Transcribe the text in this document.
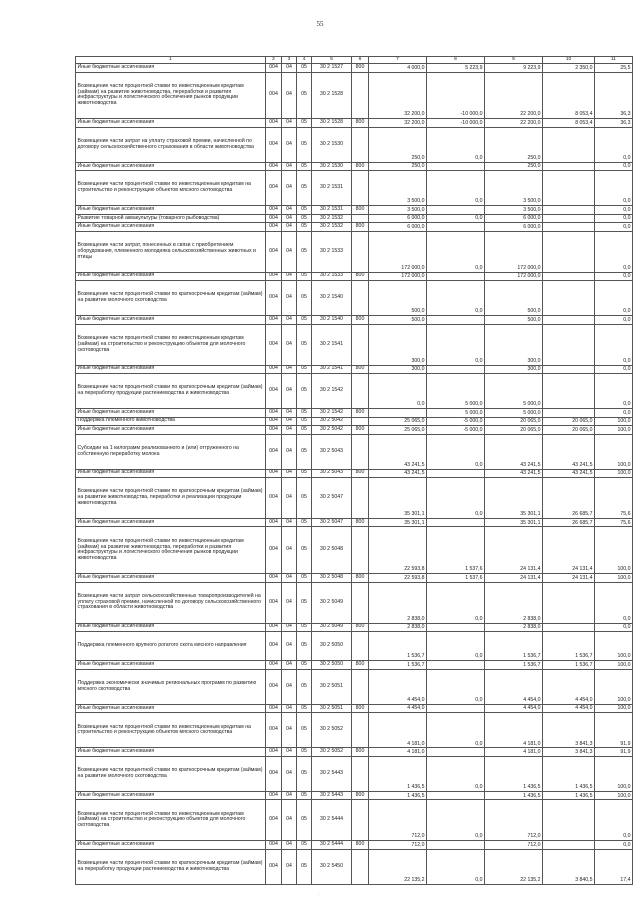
55
1	2	3	4	5	6	7	8	9	10	11
Иные бюджетные ассигнования	004	04	05	30 2 1527	800	4 000,0	5 223,9	9 223,9	2 350,0	25,5
Возмещение части процентной ставки по инвестиционным кредитам (займам) на развитие животноводства, переработки и развития инфраструктуры и логистического обеспечения рынков продукции животноводства	004	04	05	30 2 1528		32 200,0	-10 000,0	22 200,0	8 053,4	36,3
Иные бюджетные ассигнования	004	04	05	30 2 1528	800	32 200,0	-10 000,0	22 200,0	8 053,4	36,3
Возмещение части затрат на уплату страховой премии, начисленной по договору сельскохозяйственного страхования в области животноводства	004	04	05	30 2 1530		250,0	0,0	250,0		0,0
Иные бюджетные ассигнования	004	04	05	30 2 1530	800	250,0		250,0		0,0
Возмещение части процентной ставки по инвестиционным кредитам на строительство и реконструкцию объектов мясного скотоводства	004	04	05	30 2 1531		3 500,0	0,0	3 500,0		0,0
Иные бюджетные ассигнования	004	04	05	30 2 1531	800	3 500,0		3 500,0		0,0
Развитие товарной аквакультуры (товарного рыбоводства)	004	04	05	30 2 1532		6 000,0	0,0	6 000,0		0,0
Иные бюджетные ассигнования	004	04	05	30 2 1532	800	6 000,0		6 000,0		0,0
Возмещение части затрат, понесенных в связи с приобретением оборудования, племенного молодняка сельскохозяйственных животных и птицы	004	04	05	30 2 1533		172 000,0	0,0	172 000,0		0,0
Иные бюджетные ассигнования	004	04	05	30 2 1533	800	172 000,0		172 000,0		0,0
Возмещение части процентной ставки по краткосрочным кредитам (займам) на развитие молочного скотоводства	004	04	05	30 2 1540		500,0	0,0	500,0		0,0
Иные бюджетные ассигнования	004	04	05	30 2 1540	800	500,0		500,0		0,0
Возмещение части процентной ставки по инвестиционным кредитам (займам) на строительство и реконструкцию объектов для молочного скотоводства	004	04	05	30 2 1541		300,0	0,0	300,0		0,0
Иные бюджетные ассигнования	004	04	05	30 2 1541	800	300,0		300,0		0,0
Возмещение части процентной ставки по краткосрочным кредитам (займам) на переработку продукции растениеводства и животноводства	004	04	05	30 2 1542		0,0	5 000,0	5 000,0		0,0
Иные бюджетные ассигнования	004	04	05	30 2 1542	800		5 000,0	5 000,0		0,0
Поддержка племенного животноводства	004	04	05	30 2 5042		25 065,0	-5 000,0	20 065,0	20 065,0	100,0
Иные бюджетные ассигнования	004	04	05	30 2 5042	800	25 065,0	-5 000,0	20 065,0	20 065,0	100,0
Субсидии на 1 килограмм реализованного и (или) отгруженного на собственную переработку молока	004	04	05	30 2 5043		43 241,5	0,0	43 241,5	43 241,5	100,0
Иные бюджетные ассигнования	004	04	05	30 2 5043	800	43 241,5		43 241,5	43 241,5	100,0
Возмещение части процентной ставки по краткосрочным кредитам (займам) на развитие животноводства, переработки и реализации продукции животноводства	004	04	05	30 2 5047		35 301,1	0,0	35 301,1	26 685,7	75,6
Иные бюджетные ассигнования	004	04	05	30 2 5047	800	35 301,1		35 301,1	26 685,7	75,6
Возмещение части процентной ставки по инвестиционным кредитам (займам) на развитие животноводства, переработки и развития инфраструктуры и логистического обеспечения рынков продукции животноводства	004	04	05	30 2 5048		22 593,8	1 537,6	24 131,4	24 131,4	100,0
Иные бюджетные ассигнования	004	04	05	30 2 5048	800	22 593,8	1 537,6	24 131,4	24 131,4	100,0
Возмещение части затрат сельскохозяйственных товаропроизводителей на уплату страховой премии, начисленной по договору сельскохозяйственного страхования в области животноводства	004	04	05	30 2 5049		2 838,0	0,0	2 838,0		0,0
Иные бюджетные ассигнования	004	04	05	30 2 5049	800	2 838,0		2 838,0		0,0
Поддержка племенного крупного рогатого скота мясного направления	004	04	05	30 2 5050		1 536,7	0,0	1 536,7	1 536,7	100,0
Иные бюджетные ассигнования	004	04	05	30 2 5050	800	1 536,7		1 536,7	1 536,7	100,0
Поддержка экономически значимых региональных программ по развитию мясного скотоводства	004	04	05	30 2 5051		4 454,0	0,0	4 454,0	4 454,0	100,0
Иные бюджетные ассигнования	004	04	05	30 2 5051	800	4 454,0		4 454,0	4 454,0	100,0
Возмещение части процентной ставки по инвестиционным кредитам на строительство и реконструкцию объектов мясного скотоводства	004	04	05	30 2 5052		4 181,0	0,0	4 181,0	3 841,3	91,9
Иные бюджетные ассигнования	004	04	05	30 2 5052	800	4 181,0		4 181,0	3 841,3	91,9
Возмещение части процентной ставки по краткосрочным кредитам (займам) на развитие молочного скотоводства	004	04	05	30 2 5443		1 436,5	0,0	1 436,5	1 436,5	100,0
Иные бюджетные ассигнования	004	04	05	30 2 5443	800	1 436,5		1 436,5	1 436,5	100,0
Возмещение части процентной ставки по инвестиционным кредитам (займам) на строительство и реконструкцию объектов для молочного скотоводства	004	04	05	30 2 5444		712,0	0,0	712,0		0,0
Иные бюджетные ассигнования	004	04	05	30 2 5444	800	712,0		712,0		0,0
Возмещение части процентной ставки по краткосрочным кредитам (займам) на переработку продукции растениеводства и животноводства	004	04	05	30 2 5450		22 135,2	0,0	22 135,2	3 840,5	17,4
·
